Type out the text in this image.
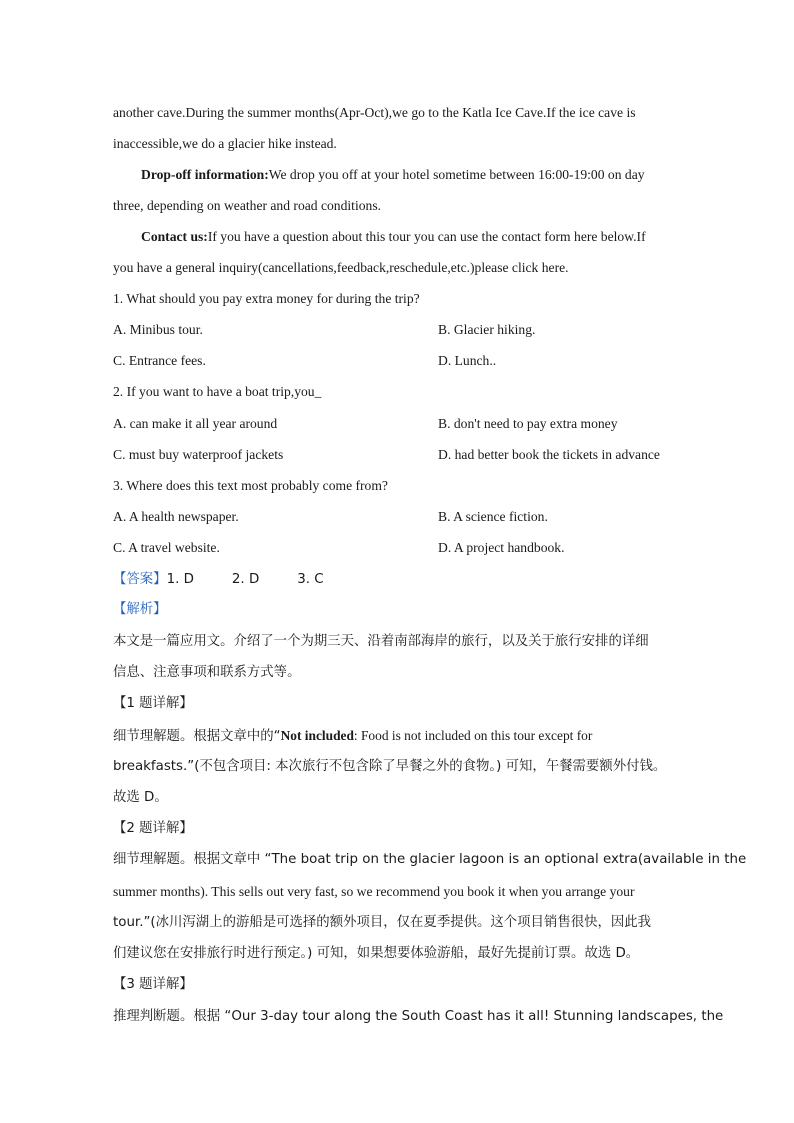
another cave.During the summer months(Apr-Oct),we go to the Katla Ice Cave.If the ice cave is
inaccessible,we do a glacier hike instead.
Drop-off information:We drop you off at your hotel sometime between 16:00-19:00 on day
three, depending on weather and road conditions.
Contact us:If you have a question about this tour you can use the contact form here below.If
you have a general inquiry(cancellations,feedback,reschedule,etc.)please click here.
1. What should you pay extra money for during the trip?
A. Minibus tour.	B. Glacier hiking.
C. Entrance fees.	D. Lunch..
2. If you want to have a boat trip,you_
A. can make it all year around	B. don't need to pay extra money
C. must buy waterproof jackets	D. had better book the tickets in advance
3. Where does this text most probably come from?
A. A health newspaper.	B. A science fiction.
C. A travel website.	D. A project handbook.
【答案】1. D	2. D	3. C
【解析】
本文是一篇应用文。介绍了一个为期三天、沿着南部海岸的旅行，以及关于旅行安排的详细
信息、注意事项和联系方式等。
【1 题详解】
细节理解题。根据文章中的“Not included: Food is not included on this tour except for
breakfasts.”(不包含项目: 本次旅行不包含除了早餐之外的食物。) 可知，午餐需要额外付钱。
故选 D。
【2 题详解】
细节理解题。根据文章中 “The boat trip on the glacier lagoon is an optional extra(available in the
summer months). This sells out very fast, so we recommend you book it when you arrange your
tour.”(冰川泻湖上的游船是可选择的额外项目，仅在夏季提供。这个项目销售很快，因此我
们建议您在安排旅行时进行预定。) 可知，如果想要体验游船，最好先提前订票。故选 D。
【3 题详解】
推理判断题。根据 “Our 3-day tour along the South Coast has it all! Stunning landscapes, the
